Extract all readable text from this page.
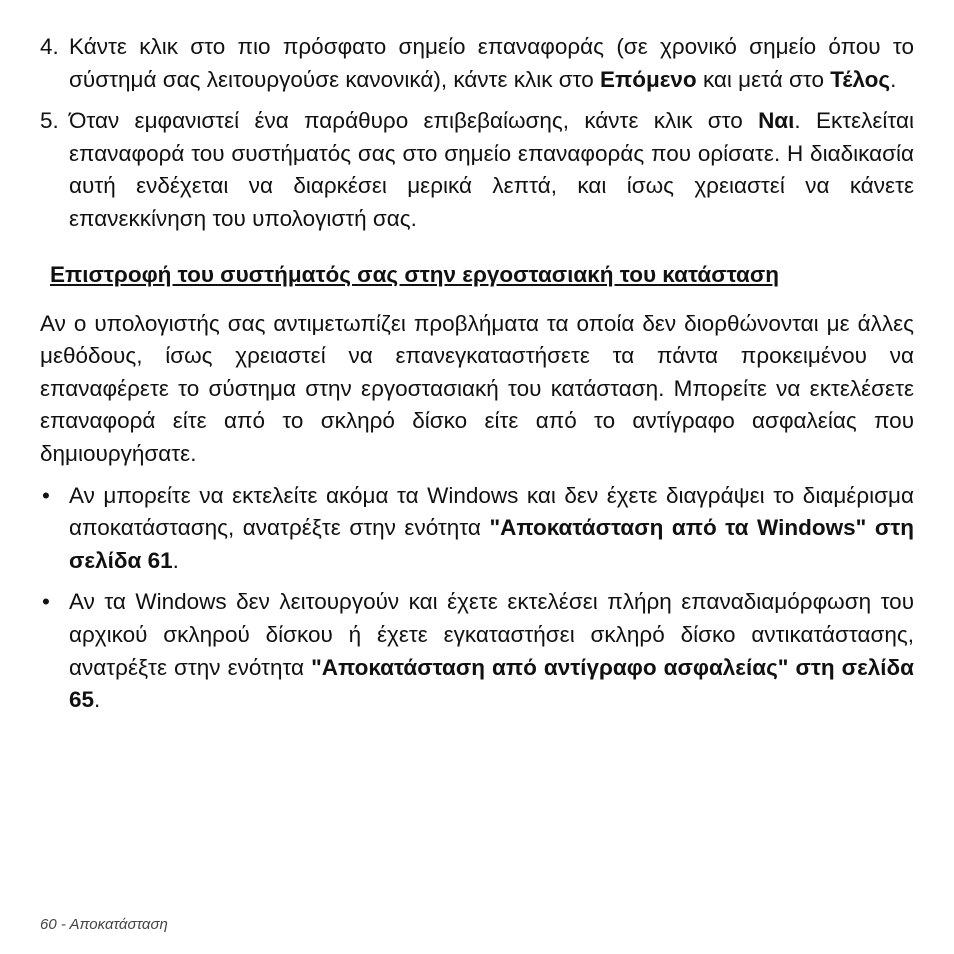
4. Κάντε κλικ στο πιο πρόσφατο σημείο επαναφοράς (σε χρονικό σημείο όπου το σύστημά σας λειτουργούσε κανονικά), κάντε κλικ στο Επόμενο και μετά στο Τέλος.
5. Όταν εμφανιστεί ένα παράθυρο επιβεβαίωσης, κάντε κλικ στο Ναι. Εκτελείται επαναφορά του συστήματός σας στο σημείο επαναφοράς που ορίσατε. Η διαδικασία αυτή ενδέχεται να διαρκέσει μερικά λεπτά, και ίσως χρειαστεί να κάνετε επανεκκίνηση του υπολογιστή σας.
Επιστροφή του συστήματός σας στην εργοστασιακή του κατάσταση
Αν ο υπολογιστής σας αντιμετωπίζει προβλήματα τα οποία δεν διορθώνονται με άλλες μεθόδους, ίσως χρειαστεί να επανεγκαταστήσετε τα πάντα προκειμένου να επαναφέρετε το σύστημα στην εργοστασιακή του κατάσταση. Μπορείτε να εκτελέσετε επαναφορά είτε από το σκληρό δίσκο είτε από το αντίγραφο ασφαλείας που δημιουργήσατε.
• Αν μπορείτε να εκτελείτε ακόμα τα Windows και δεν έχετε διαγράψει το διαμέρισμα αποκατάστασης, ανατρέξτε στην ενότητα "Αποκατάσταση από τα Windows" στη σελίδα 61.
• Αν τα Windows δεν λειτουργούν και έχετε εκτελέσει πλήρη επαναδιαμόρφωση του αρχικού σκληρού δίσκου ή έχετε εγκαταστήσει σκληρό δίσκο αντικατάστασης, ανατρέξτε στην ενότητα "Αποκατάσταση από αντίγραφο ασφαλείας" στη σελίδα 65.
60 - Αποκατάσταση
